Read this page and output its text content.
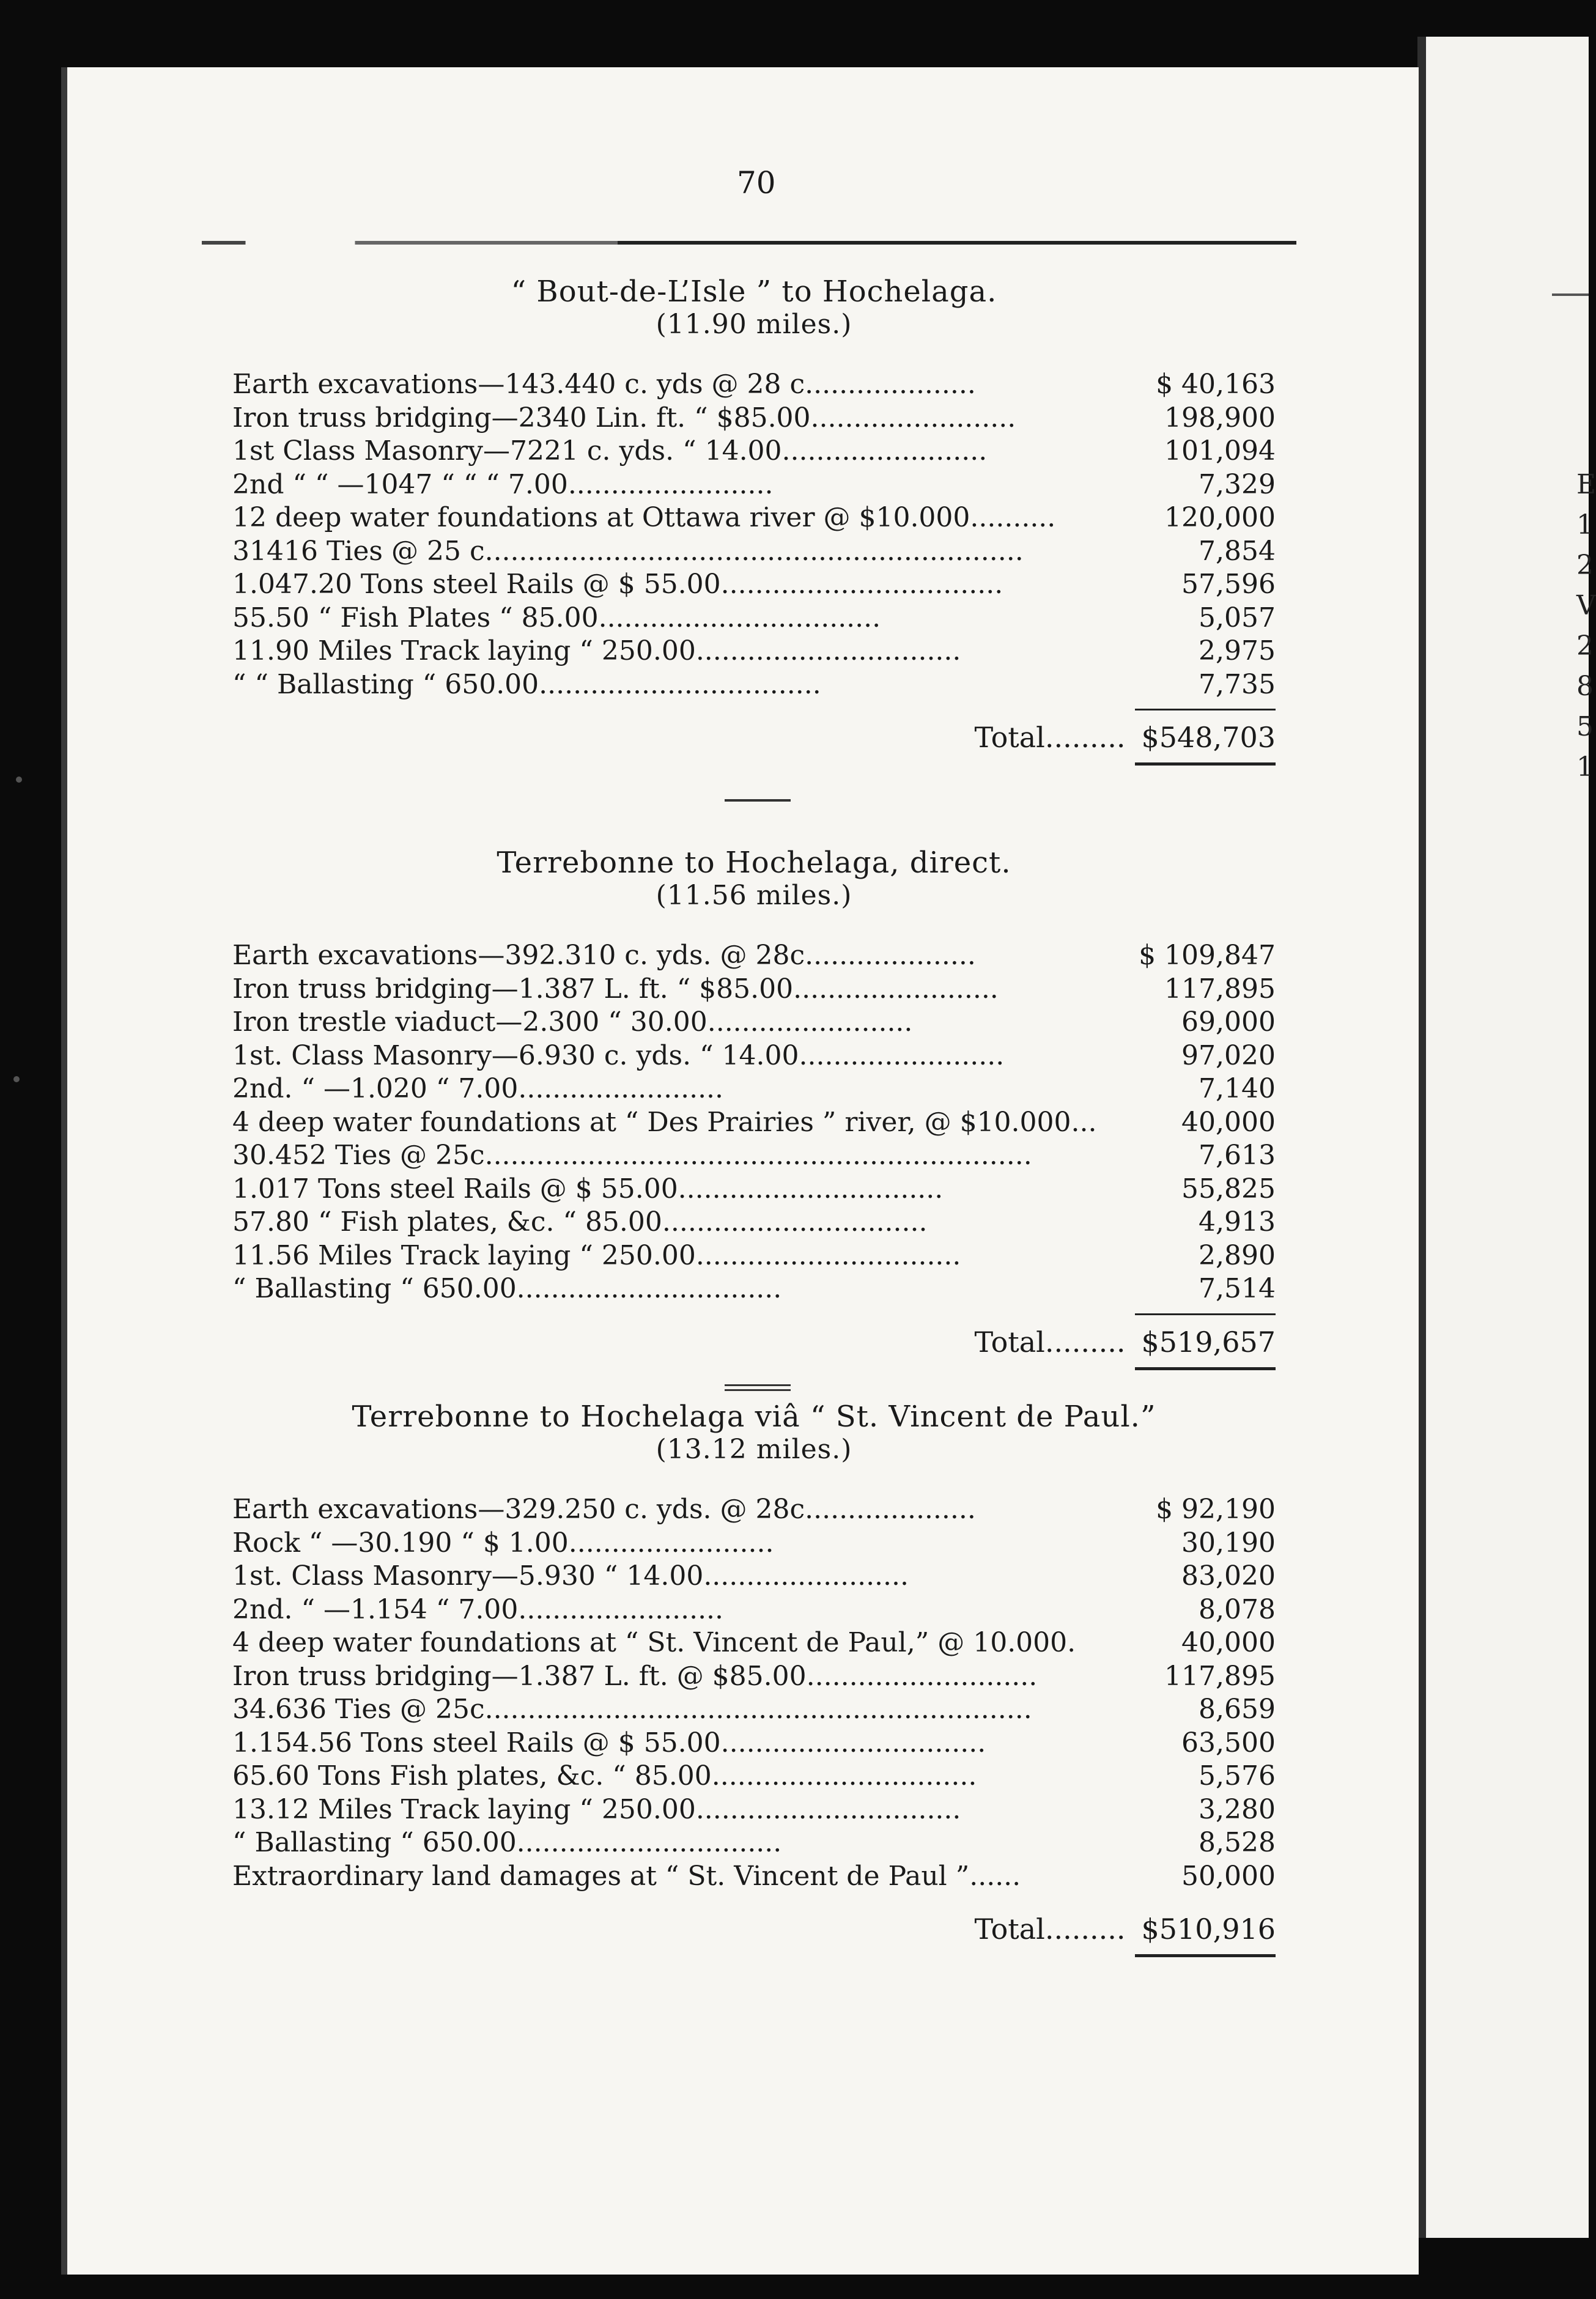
E
1
2
V
2
8
5
1
70
“ Bout-de-L’Isle ” to Hochelaga.
(11.90 miles.)
Earth excavations—143.440 c. yds @ 28 c....................	$ 40,163
Iron truss bridging—2340 Lin. ft. “ $85.00........................	198,900
1st Class Masonry—7221 c. yds. “ 14.00........................	101,094
2nd “ “ —1047 “ “ “ 7.00........................	7,329
12 deep water foundations at Ottawa river @ $10.000..........	120,000
31416 Ties @ 25 c...............................................................	7,854
1.047.20 Tons steel Rails @ $ 55.00.................................	57,596
55.50 “ Fish Plates “ 85.00.................................	5,057
11.90 Miles Track laying “ 250.00...............................	2,975
“ “ Ballasting “ 650.00.................................	7,735
Total......... $548,703
Terrebonne to Hochelaga, direct.
(11.56 miles.)
Earth excavations—392.310 c. yds. @ 28c....................	$ 109,847
Iron truss bridging—1.387 L. ft. “ $85.00........................	117,895
Iron trestle viaduct—2.300 “ 30.00........................	69,000
1st. Class Masonry—6.930 c. yds. “ 14.00........................	97,020
2nd. “ —1.020 “ 7.00........................	7,140
4 deep water foundations at “ Des Prairies ” river, @ $10.000...	40,000
30.452 Ties @ 25c................................................................	7,613
1.017 Tons steel Rails @ $ 55.00...............................	55,825
57.80 “ Fish plates, &c. “ 85.00...............................	4,913
11.56 Miles Track laying “ 250.00...............................	2,890
“ Ballasting “ 650.00...............................	7,514
Total......... $519,657
Terrebonne to Hochelaga viâ “ St. Vincent de Paul.”
(13.12 miles.)
Earth excavations—329.250 c. yds. @ 28c....................	$ 92,190
Rock “ —30.190 “ $ 1.00........................	30,190
1st. Class Masonry—5.930 “ 14.00........................	83,020
2nd. “ —1.154 “ 7.00........................	8,078
4 deep water foundations at “ St. Vincent de Paul,” @ 10.000.	40,000
Iron truss bridging—1.387 L. ft. @ $85.00...........................	117,895
34.636 Ties @ 25c................................................................	8,659
1.154.56 Tons steel Rails @ $ 55.00...............................	63,500
65.60 Tons Fish plates, &c. “ 85.00...............................	5,576
13.12 Miles Track laying “ 250.00...............................	3,280
“ Ballasting “ 650.00...............................	8,528
Extraordinary land damages at “ St. Vincent de Paul ”......	50,000
Total......... $510,916
